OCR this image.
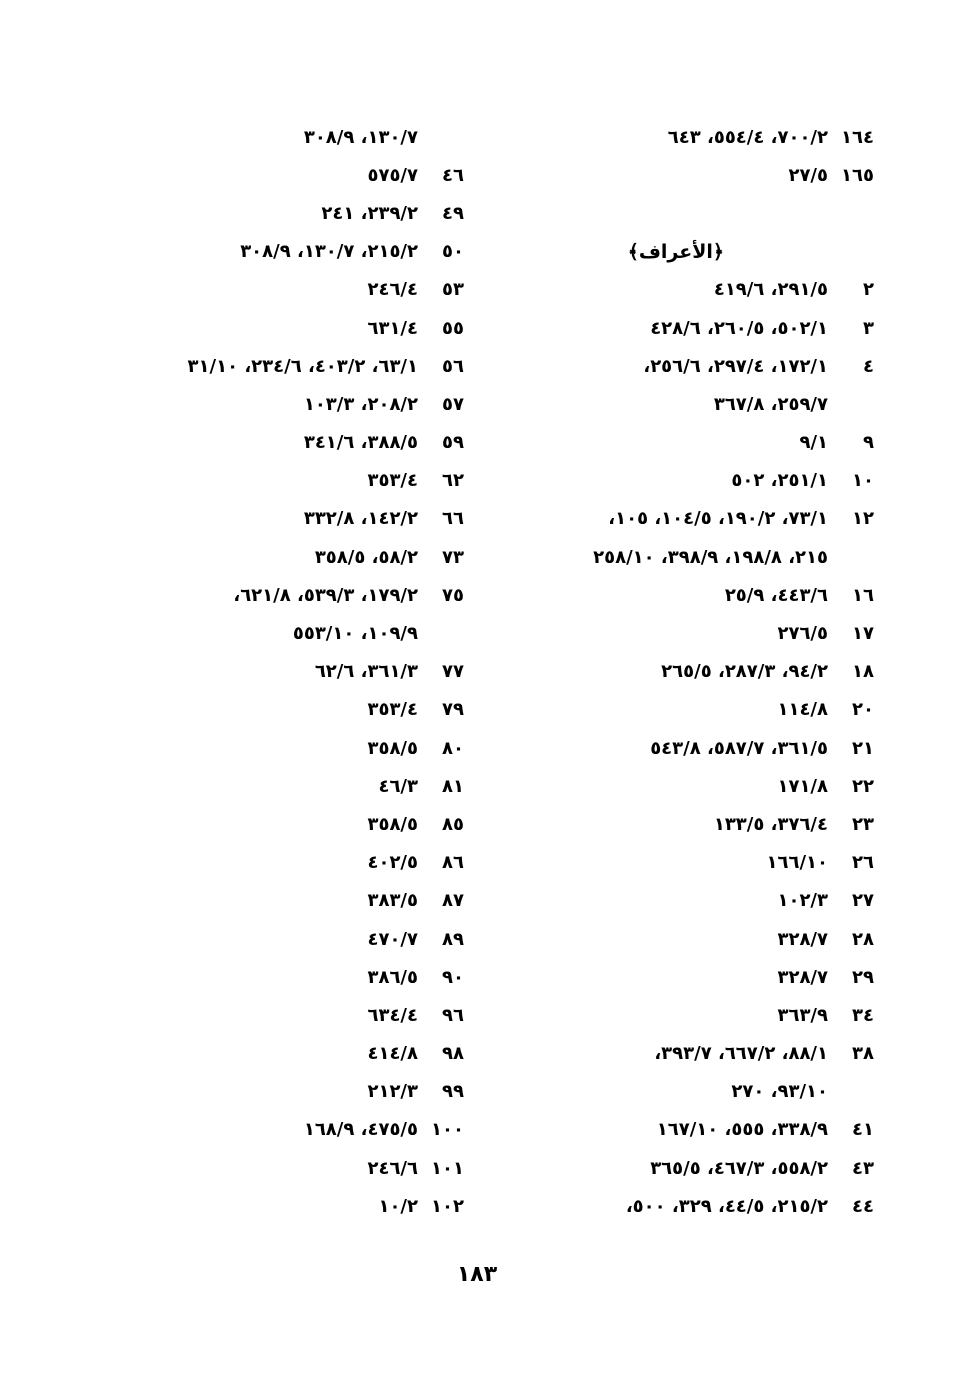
١٦٤
٧٠٠/٢، ٥٥٤/٤، ٦٤٣
١٦٥
٢٧/٥
﴿الأعراف﴾
٢
٢٩١/٥، ٤١٩/٦
٣
٥٠٢/١، ٢٦٠/٥، ٤٢٨/٦
٤
١٧٢/١، ٢٩٧/٤، ٢٥٦/٦،
٢٥٩/٧، ٣٦٧/٨
٩
٩/١
١٠
٢٥١/١، ٥٠٢
١٢
٧٣/١، ١٩٠/٢، ١٠٤/٥، ١٠٥،
٢١٥، ١٩٨/٨، ٣٩٨/٩، ٢٥٨/١٠
١٦
٤٤٣/٦، ٢٥/٩
١٧
٢٧٦/٥
١٨
٩٤/٢، ٢٨٧/٣، ٢٦٥/٥
٢٠
١١٤/٨
٢١
٣٦١/٥، ٥٨٧/٧، ٥٤٣/٨
٢٢
١٧١/٨
٢٣
٣٧٦/٤، ١٣٣/٥
٢٦
١٦٦/١٠
٢٧
١٠٢/٣
٢٨
٣٢٨/٧
٢٩
٣٢٨/٧
٣٤
٣٦٣/٩
٣٨
٨٨/١، ٦٦٧/٢، ٣٩٣/٧،
٩٣/١٠، ٢٧٠
٤١
٣٣٨/٩، ٥٥٥، ١٦٧/١٠
٤٣
٥٥٨/٢، ٤٦٧/٣، ٣٦٥/٥
٤٤
٢١٥/٢، ٤٤/٥، ٣٢٩، ٥٠٠،
١٣٠/٧، ٣٠٨/٩
٤٦
٥٧٥/٧
٤٩
٢٣٩/٢، ٢٤١
٥٠
٢١٥/٢، ١٣٠/٧، ٣٠٨/٩
٥٣
٢٤٦/٤
٥٥
٦٣١/٤
٥٦
٦٣/١، ٤٠٣/٢، ٢٣٤/٦، ٣١/١٠
٥٧
٢٠٨/٢، ١٠٣/٣
٥٩
٣٨٨/٥، ٣٤١/٦
٦٢
٣٥٣/٤
٦٦
١٤٢/٢، ٣٣٢/٨
٧٣
٥٨/٢، ٣٥٨/٥
٧٥
١٧٩/٢، ٥٣٩/٣، ٦٢١/٨،
١٠٩/٩، ٥٥٣/١٠
٧٧
٣٦١/٣، ٦٢/٦
٧٩
٣٥٣/٤
٨٠
٣٥٨/٥
٨١
٤٦/٣
٨٥
٣٥٨/٥
٨٦
٤٠٢/٥
٨٧
٣٨٣/٥
٨٩
٤٧٠/٧
٩٠
٣٨٦/٥
٩٦
٦٣٤/٤
٩٨
٤١٤/٨
٩٩
٢١٢/٣
١٠٠
٤٧٥/٥، ١٦٨/٩
١٠١
٢٤٦/٦
١٠٢
١٠/٢
١٨٣
